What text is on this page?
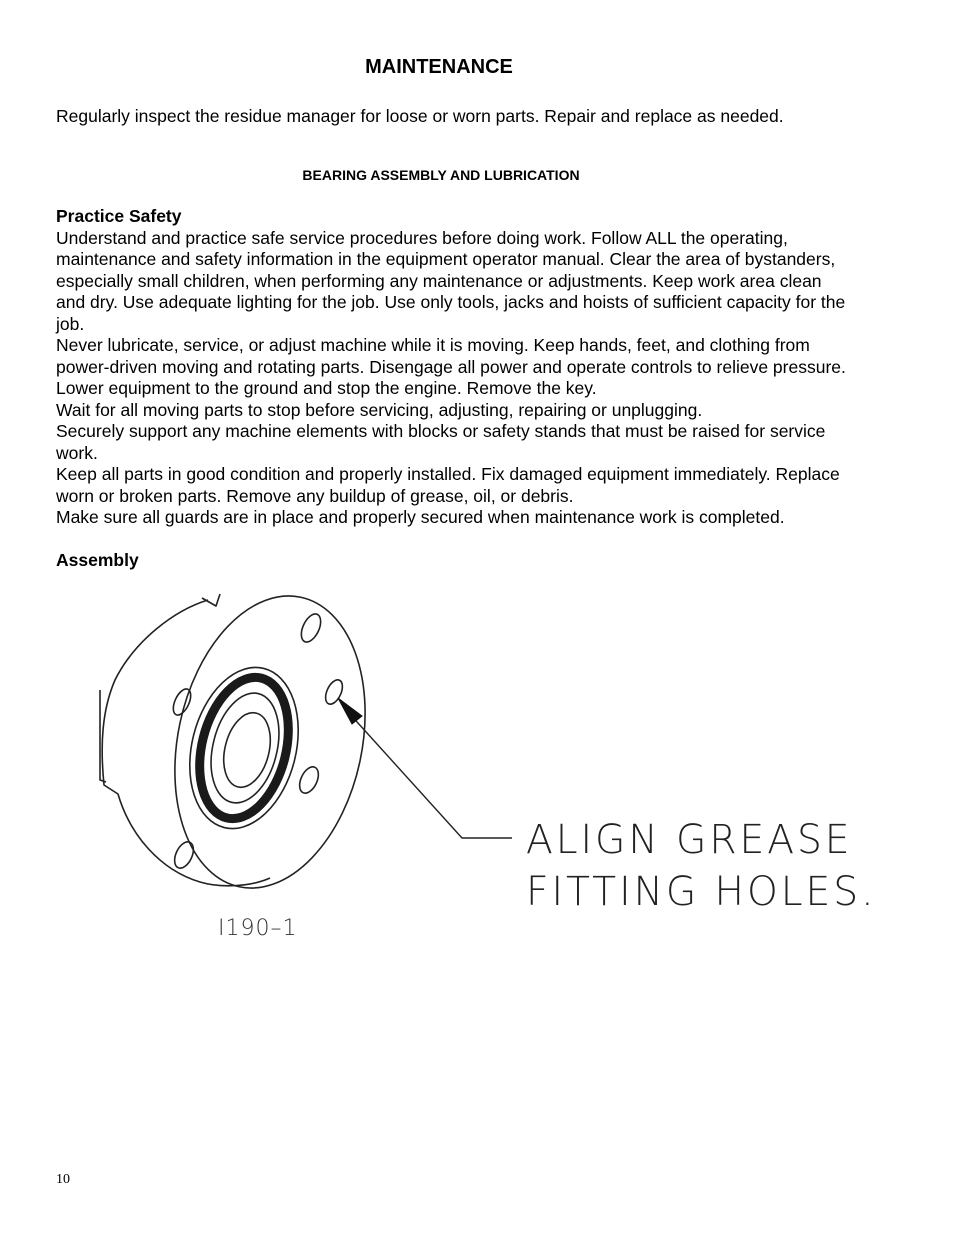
MAINTENANCE
Regularly inspect the residue manager for loose or worn parts. Repair and replace as needed.
BEARING ASSEMBLY AND LUBRICATION
Practice Safety

Understand and practice safe service procedures before doing work. Follow ALL the operating, maintenance and safety information in the equipment operator manual. Clear the area of bystanders, especially small children, when performing any maintenance or adjustments. Keep work area clean and dry. Use adequate lighting for the job. Use only tools, jacks and hoists of sufficient capacity for the job.

Never lubricate, service, or adjust machine while it is moving. Keep hands, feet, and clothing from power-driven moving and rotating parts. Disengage all power and operate controls to relieve pressure. Lower equipment to the ground and stop the engine. Remove the key.

Wait for all moving parts to stop before servicing, adjusting, repairing or unplugging.

Securely support any machine elements with blocks or safety stands that must be raised for service work.

Keep all parts in good condition and properly installed. Fix damaged equipment immediately. Replace worn or broken parts. Remove any buildup of grease, oil, or debris.

Make sure all guards are in place and properly secured when maintenance work is completed.

Assembly
ALIGN GREASE
FITTING HOLES.
I190–1
10
